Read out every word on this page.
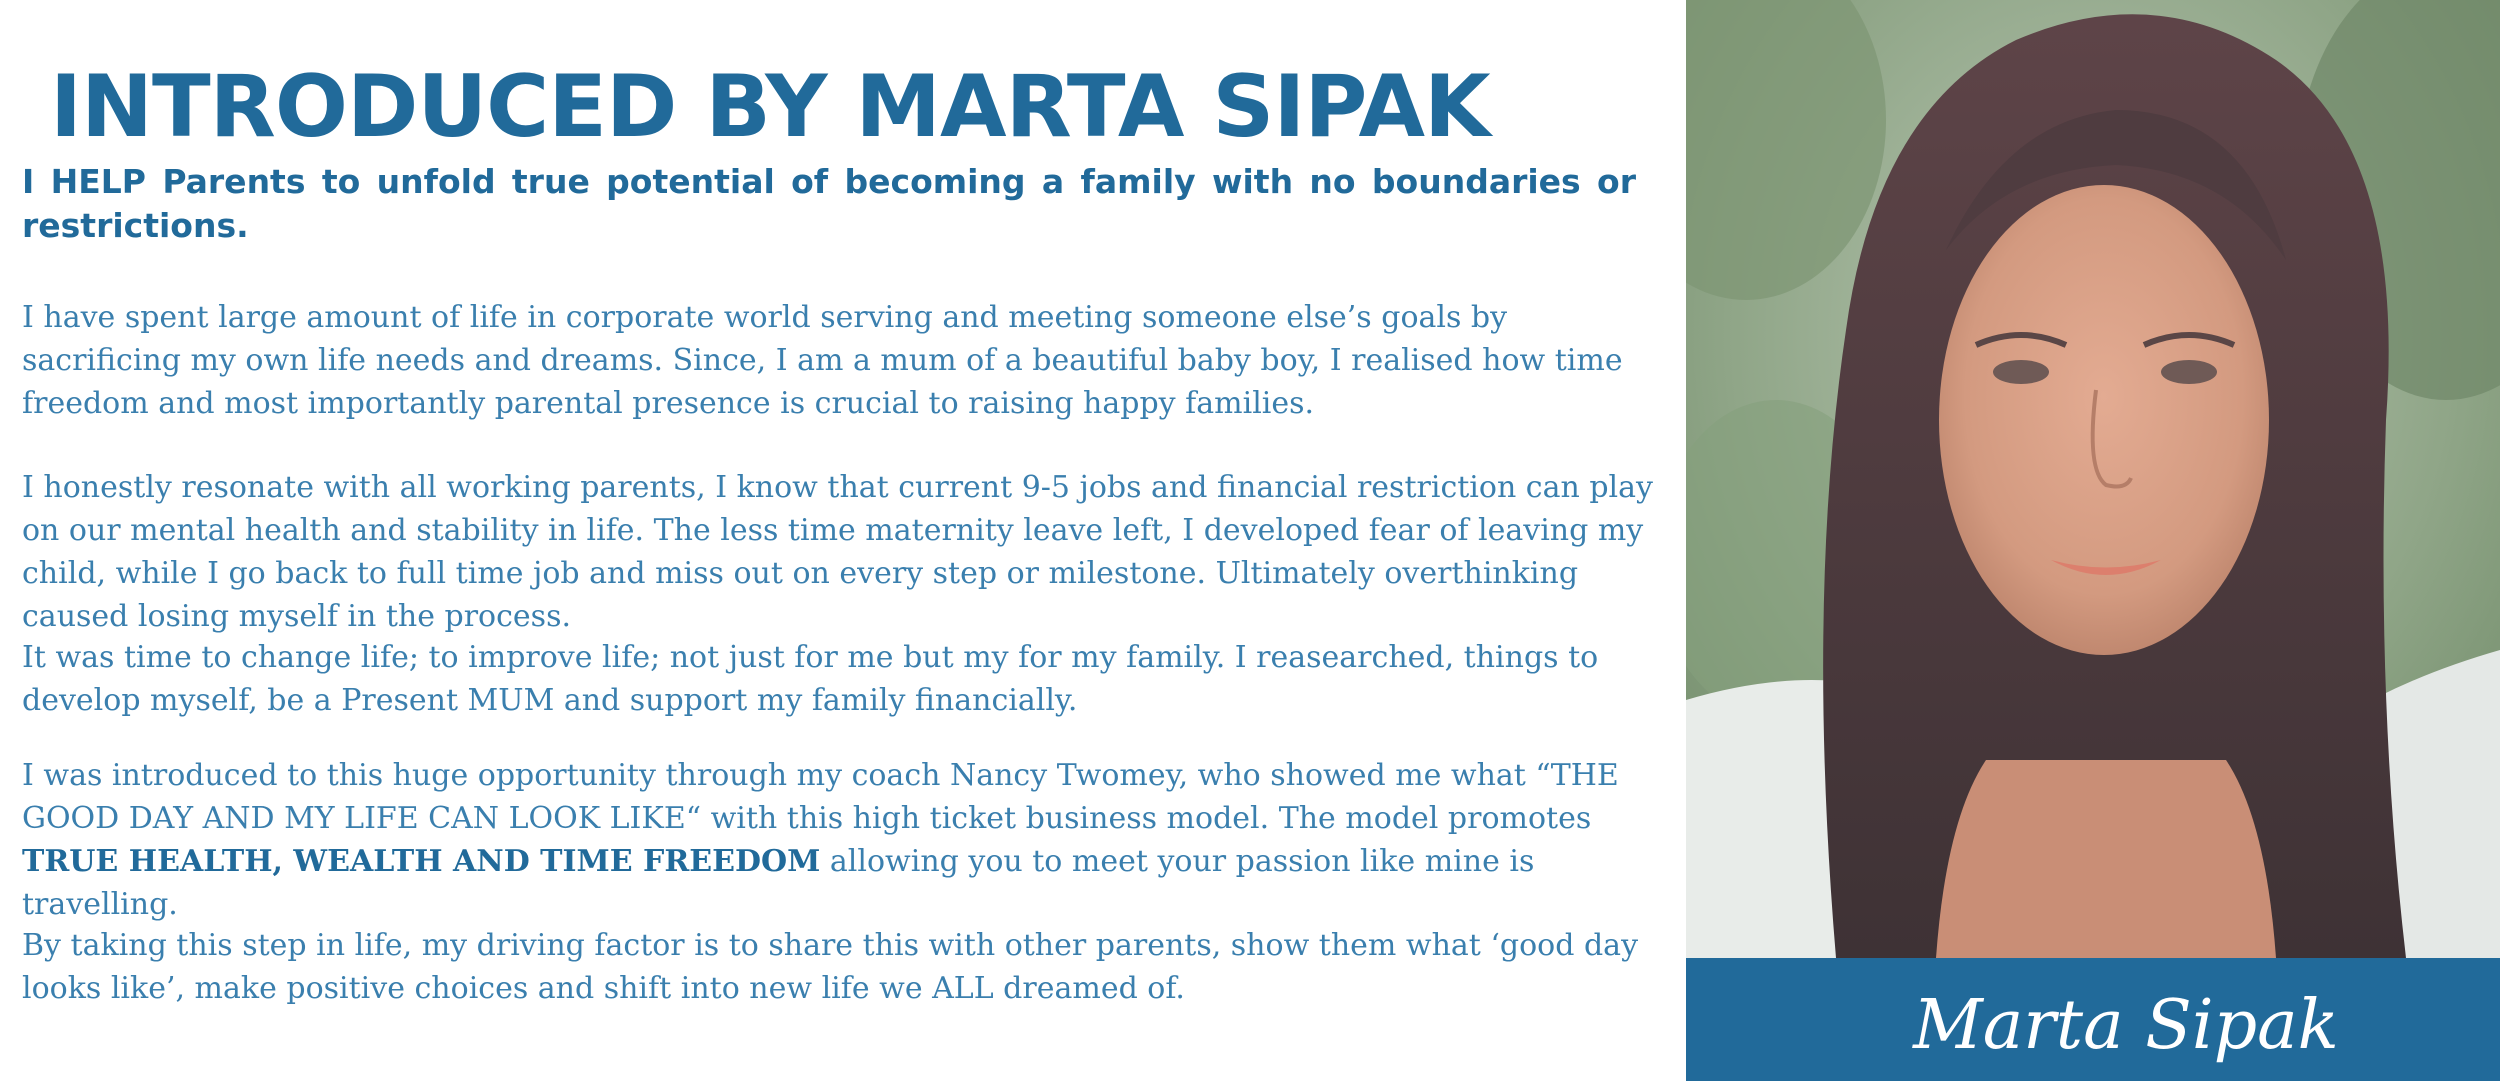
INTRODUCED BY MARTA SIPAK

I HELP Parents to unfold true potential of becoming a family with no boundaries or restrictions.

I have spent large amount of life in corporate world serving and meeting someone else’s goals by sacrificing my own life needs and dreams. Since, I am a mum of a beautiful baby boy, I realised how time freedom and most importantly parental presence is crucial to raising happy families.

I honestly resonate with all working parents, I know that current 9-5 jobs and financial restriction can play on our mental health and stability in life. The less time maternity leave left, I developed fear of leaving my child, while I go back to full time job and miss out on every step or milestone. Ultimately overthinking caused losing myself in the process.

It was time to change life; to improve life; not just for me but my for my family. I reasearched, things to develop myself, be a Present MUM and support my family financially.

I was introduced to this huge opportunity through my coach Nancy Twomey, who showed me what “THE GOOD DAY AND MY LIFE CAN LOOK LIKE“ with this high ticket business model. The model promotes TRUE HEALTH, WEALTH AND TIME FREEDOM allowing you to meet your passion like mine is travelling.

By taking this step in life, my driving factor is to share this with other parents, show them what ‘good day looks like’, make positive choices and shift into new life we ALL dreamed of.	Marta Sipak
